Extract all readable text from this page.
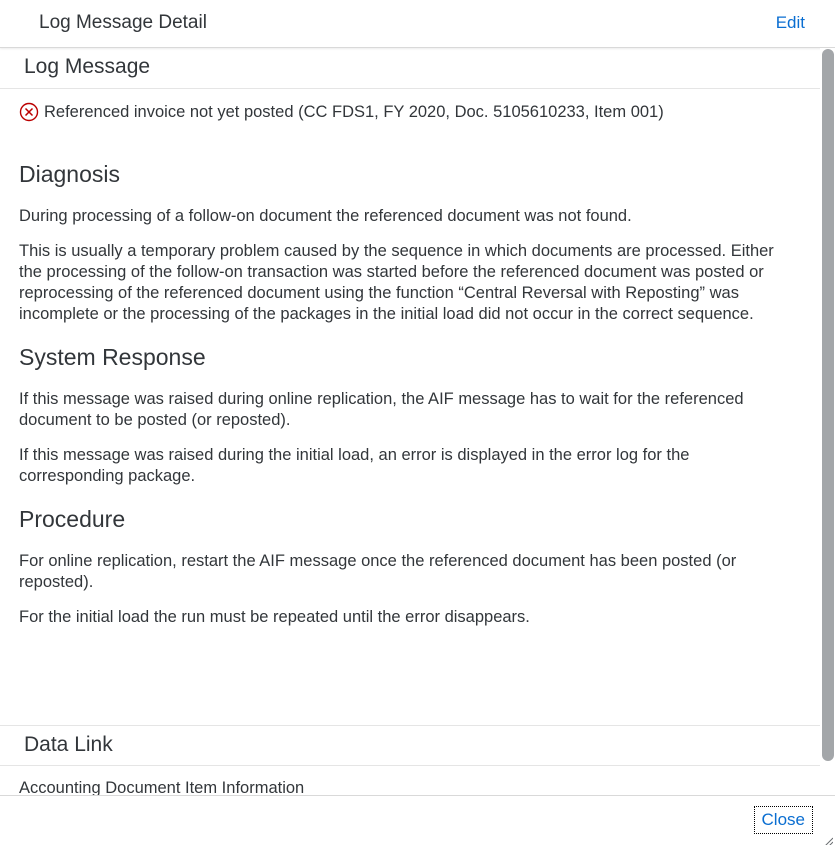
Log Message Detail	Edit
Log Message
Referenced invoice not yet posted (CC FDS1, FY 2020, Doc. 5105610233, Item 001)
Diagnosis

During processing of a follow-on document the referenced document was not found.

This is usually a temporary problem caused by the sequence in which documents are processed. Either the processing of the follow-on transaction was started before the referenced document was posted or reprocessing of the referenced document using the function “Central Reversal with Reposting” was incomplete or the processing of the packages in the initial load did not occur in the correct sequence.

System Response

If this message was raised during online replication, the AIF message has to wait for the referenced document to be posted (or reposted).

If this message was raised during the initial load, an error is displayed in the error log for the corresponding package.

Procedure

For online replication, restart the AIF message once the referenced document has been posted (or reposted).

For the initial load the run must be repeated until the error disappears.

Data Link
Accounting Document Item Information
Close
